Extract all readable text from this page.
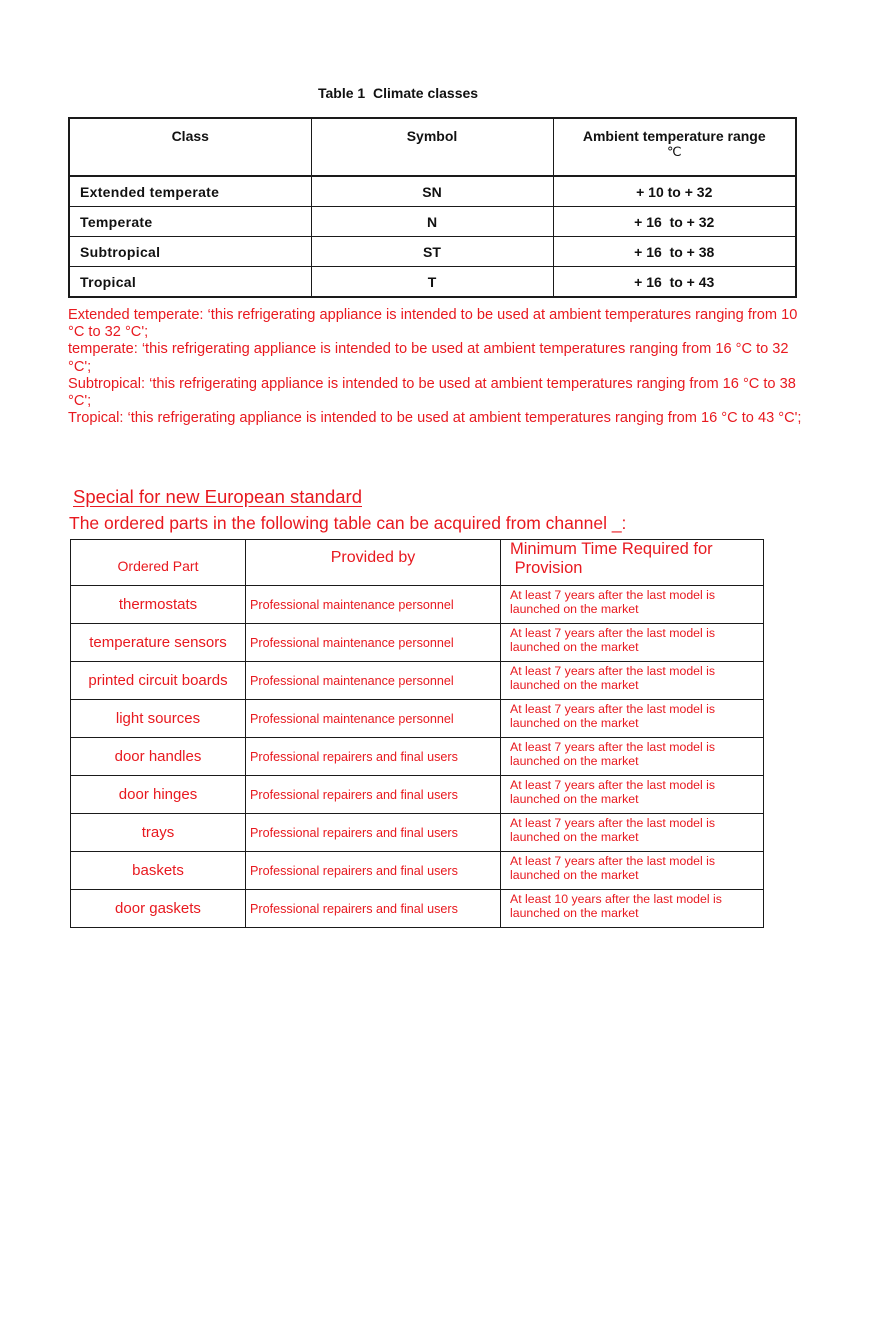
Table 1  Climate classes
Class	Symbol	Ambient temperature range
℃

Extended temperate	SN	+ 10 to + 32
Temperate	N	+ 16  to + 32
Subtropical	ST	+ 16  to + 38
Tropical	T	+ 16  to + 43
Extended temperate: ‘this refrigerating appliance is intended to be used at ambient temperatures ranging from 10 °C to 32 °C';
temperate: ‘this refrigerating appliance is intended to be used at ambient temperatures ranging from 16 °C to 32 °C';
Subtropical: ‘this refrigerating appliance is intended to be used at ambient temperatures ranging from 16 °C to 38 °C';
Tropical: ‘this refrigerating appliance is intended to be used at ambient temperatures ranging from 16 °C to 43 °C';
Special for new European standard
The ordered parts in the following table can be acquired from channel _:
Ordered Part	Provided by	Minimum Time Required for
Provision
thermostats	Professional maintenance personnel	At least 7 years after the last model is launched on the market
temperature sensors	Professional maintenance personnel	At least 7 years after the last model is launched on the market
printed circuit boards	Professional maintenance personnel	At least 7 years after the last model is launched on the market
light sources	Professional maintenance personnel	At least 7 years after the last model is launched on the market
door handles	Professional repairers and final users	At least 7 years after the last model is launched on the market
door hinges	Professional repairers and final users	At least 7 years after the last model is launched on the market
trays	Professional repairers and final users	At least 7 years after the last model is launched on the market
baskets	Professional repairers and final users	At least 7 years after the last model is launched on the market
door gaskets	Professional repairers and final users	At least 10 years after the last model is launched on the market
